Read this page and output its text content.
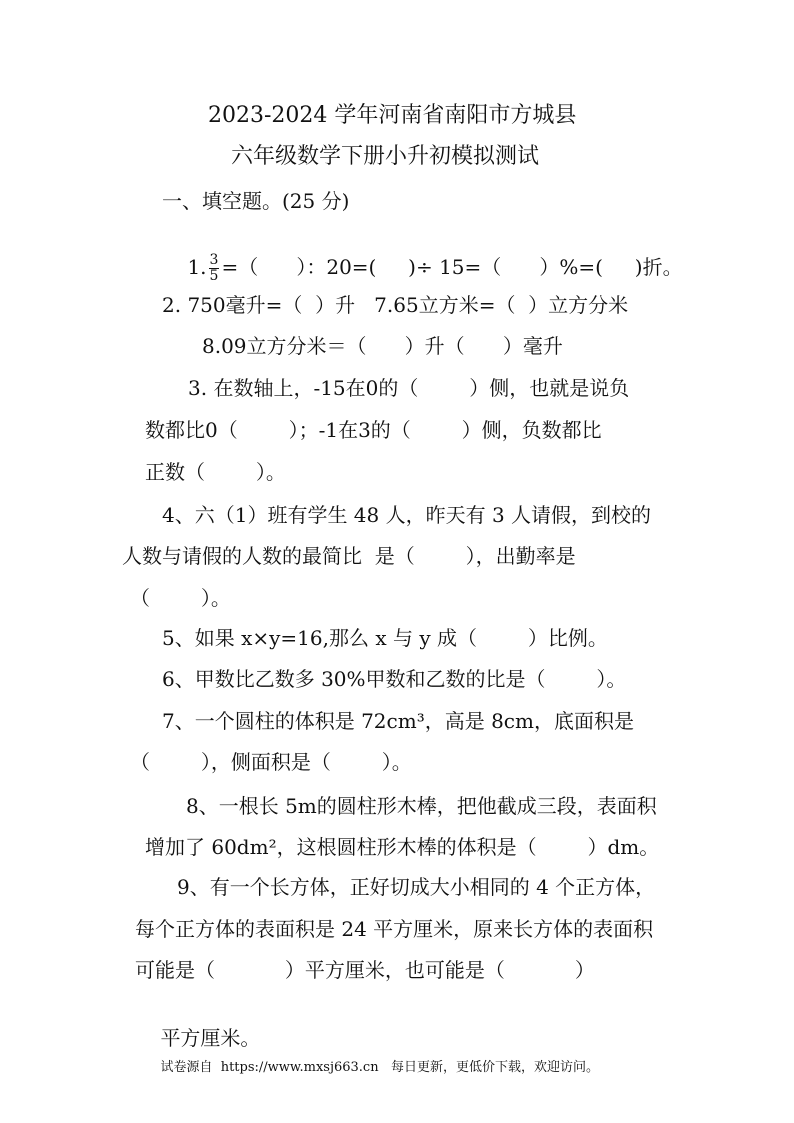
2023-2024 学年河南省南阳市方城县
六年级数学下册小升初模拟测试
一、填空题。(25 分)

1. $\frac{3}{5}$ =（      ）：20=(     )÷ 15=（      ）%=(     )折。

2. 750毫升=（  ）升   7.65立方米=（  ）立方分米
8.09立方分米＝（      ）升（      ）毫升
3. 在数轴上，-15在0的（        ）侧，也就是说负
数都比0（        ）；-1在3的（        ）侧，负数都比
正数（        ）。
4、六（1）班有学生 48 人，昨天有 3 人请假，到校的
人数与请假的人数的最简比  是（        ），出勤率是
（        ）。
5、如果 x×y=16,那么 x 与 y 成（        ）比例。
6、甲数比乙数多 30%甲数和乙数的比是（        ）。
7、一个圆柱的体积是 72cm³，高是 8cm，底面积是
（        ），侧面积是（        ）。
8、一根长 5m的圆柱形木棒，把他截成三段，表面积
增加了 60dm²，这根圆柱形木棒的体积是（        ）dm。
9、有一个长方体，正好切成大小相同的 4 个正方体，
每个正方体的表面积是 24 平方厘米，原来长方体的表面积
可能是（           ）平方厘米，也可能是（           ）

平方厘米。
试卷源自  https://www.mxsj663.cn   每日更新，更低价下载，欢迎访问。
